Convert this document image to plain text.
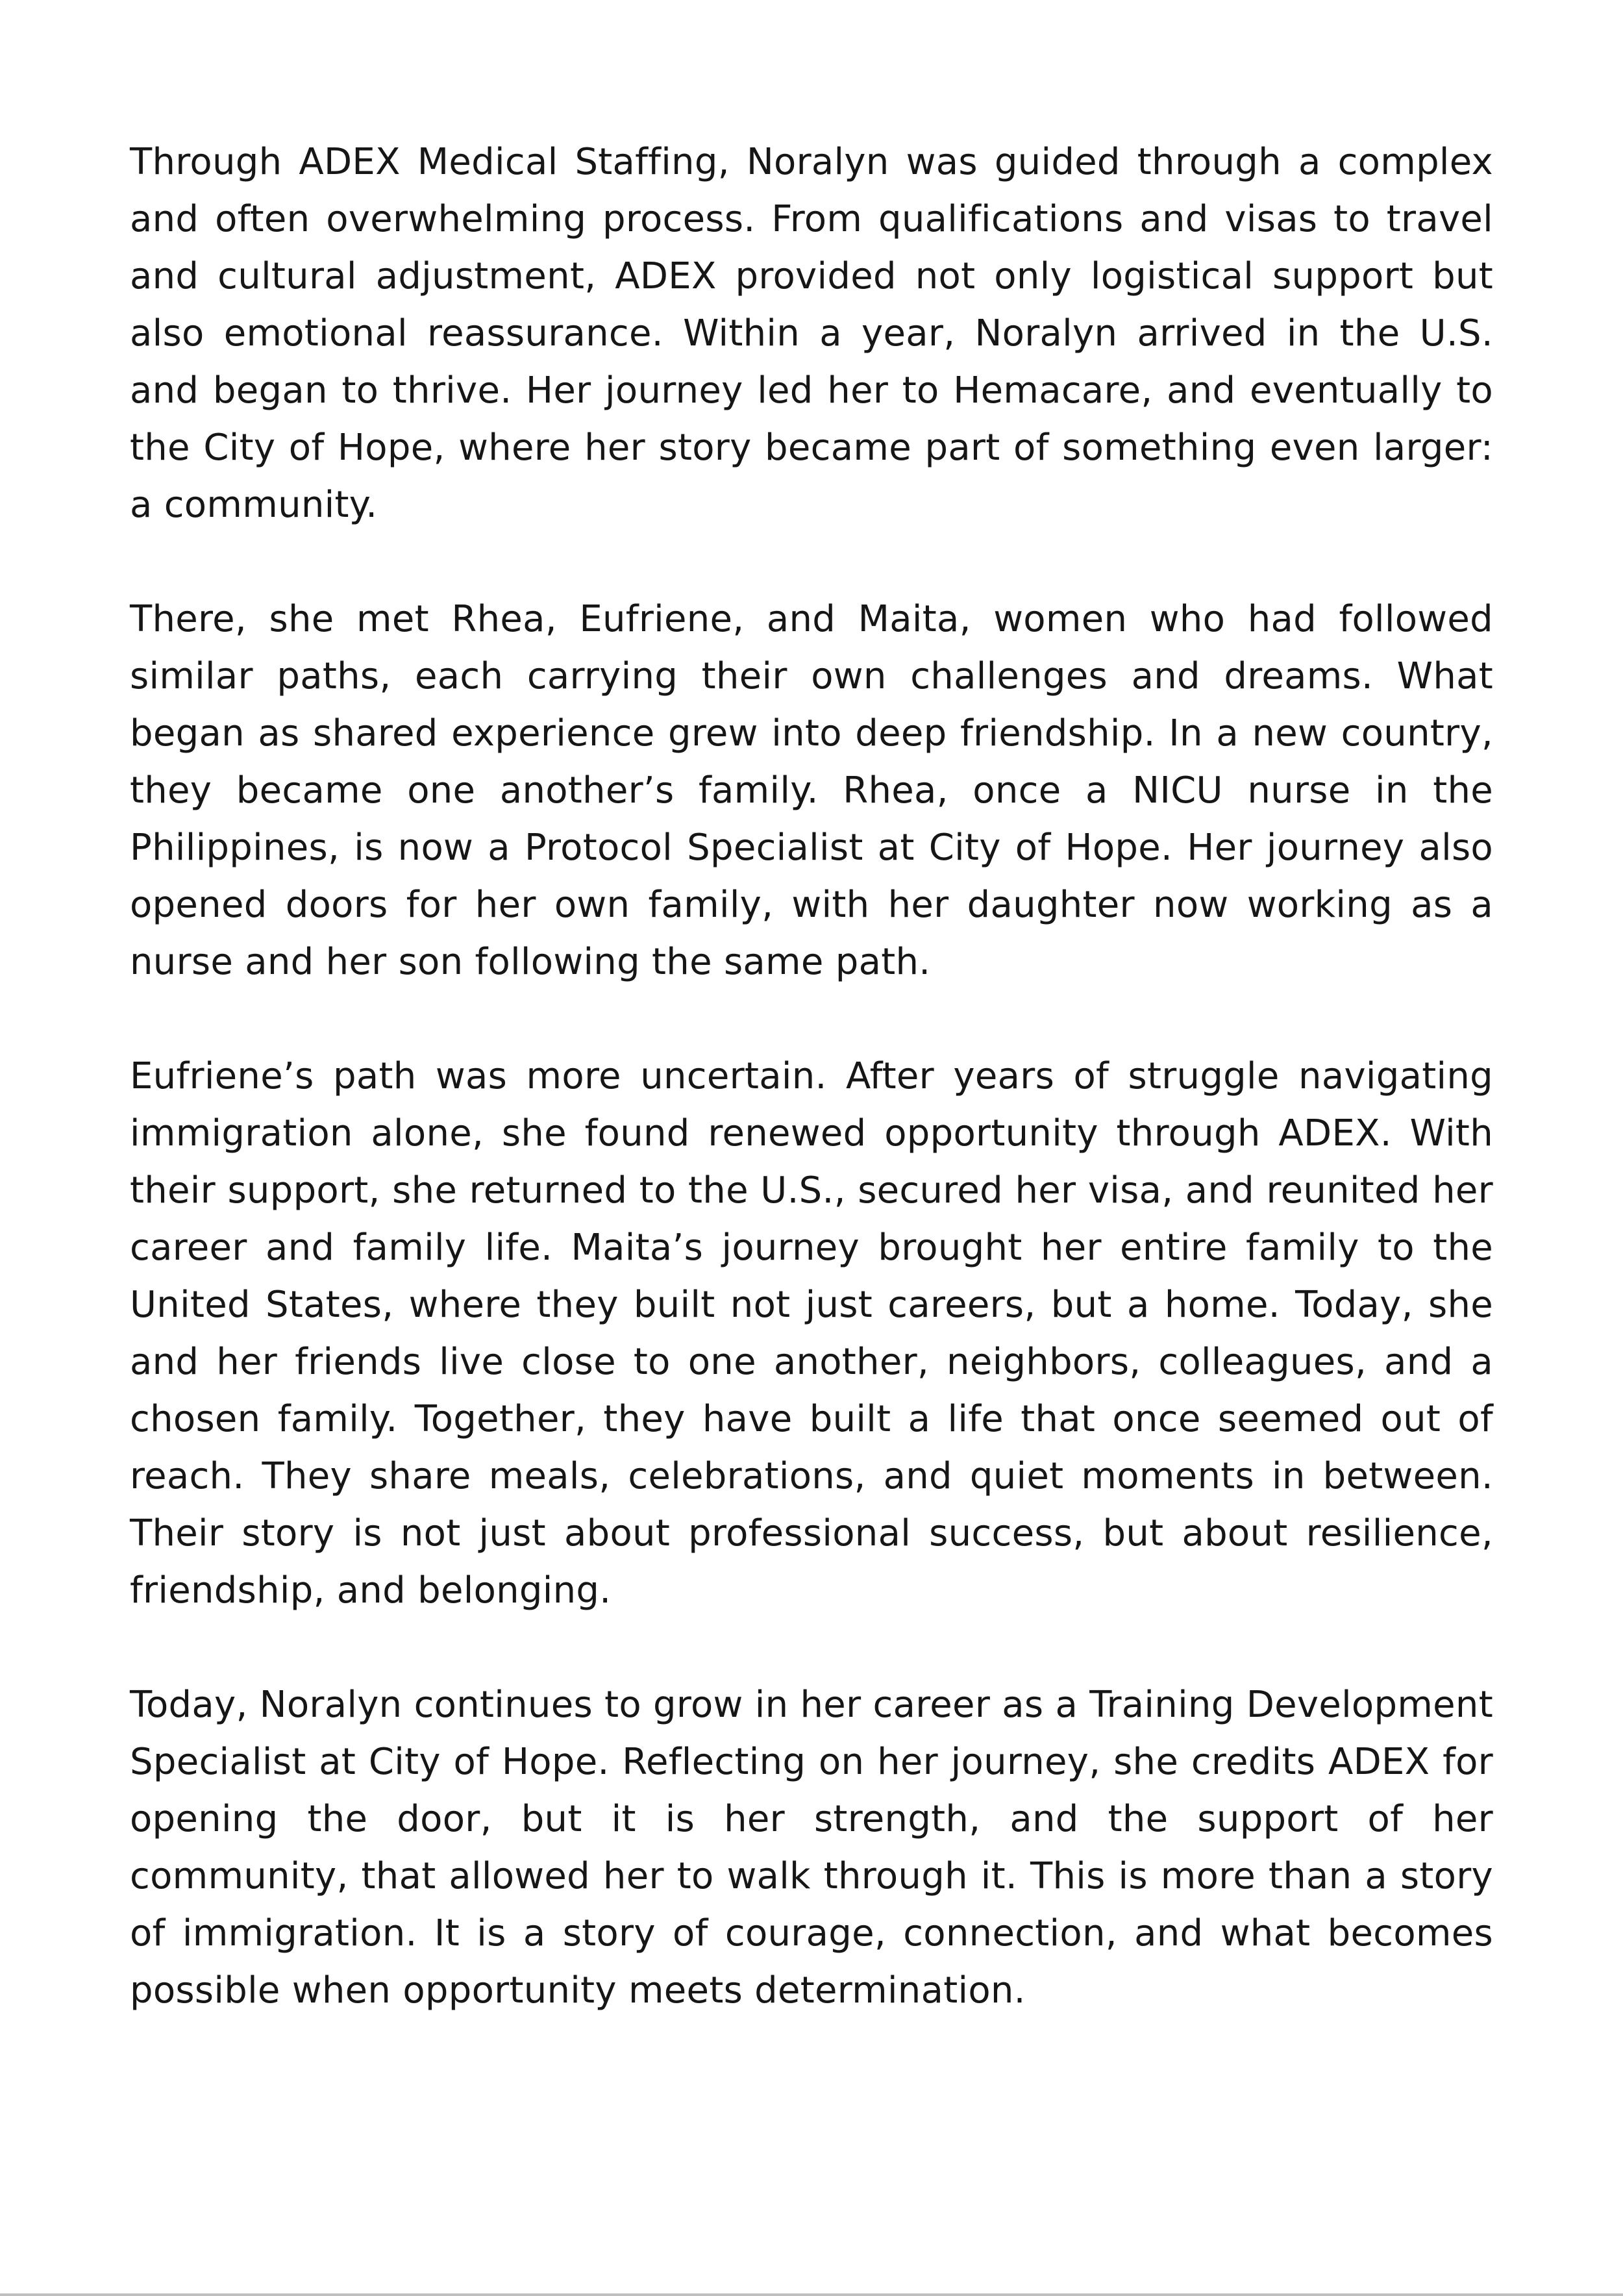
Through ADEX Medical Staffing, Noralyn was guided through a complex and often overwhelming process. From qualifications and visas to travel and cultural adjustment, ADEX provided not only logistical support but also emotional reassurance. Within a year, Noralyn arrived in the U.S. and began to thrive. Her journey led her to Hemacare, and eventually to the City of Hope, where her story became part of something even larger: a community.

There, she met Rhea, Eufriene, and Maita, women who had followed similar paths, each carrying their own challenges and dreams. What began as shared experience grew into deep friendship. In a new country, they became one another’s family. Rhea, once a NICU nurse in the Philippines, is now a Protocol Specialist at City of Hope. Her journey also opened doors for her own family, with her daughter now working as a nurse and her son following the same path.

Eufriene’s path was more uncertain. After years of struggle navigating immigration alone, she found renewed opportunity through ADEX. With their support, she returned to the U.S., secured her visa, and reunited her career and family life. Maita’s journey brought her entire family to the United States, where they built not just careers, but a home. Today, she and her friends live close to one another, neighbors, colleagues, and a chosen family. Together, they have built a life that once seemed out of reach. They share meals, celebrations, and quiet moments in between. Their story is not just about professional success, but about resilience, friendship, and belonging.

Today, Noralyn continues to grow in her career as a Training Development Specialist at City of Hope. Reflecting on her journey, she credits ADEX for opening the door, but it is her strength, and the support of her community, that allowed her to walk through it. This is more than a story of immigration. It is a story of courage, connection, and what becomes possible when opportunity meets determination.
